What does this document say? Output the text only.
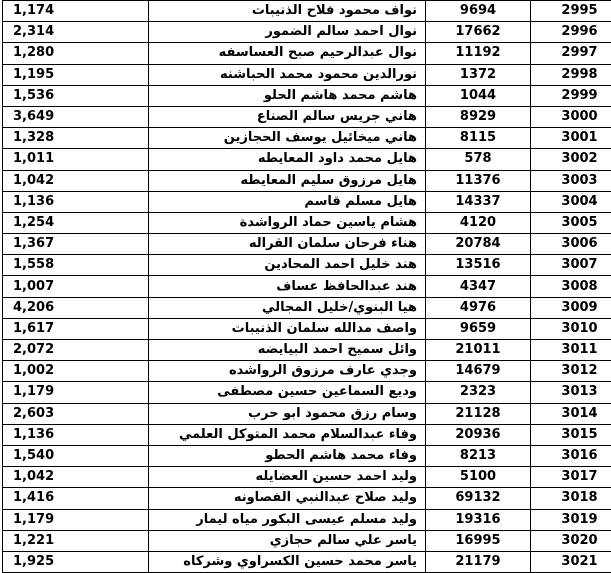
1,174	نواف محمود فلاح الذنيبات	9694	2995
2,314	نوال احمد سالم الضمور	17662	2996
1,280	نوال عبدالرحيم صبح العساسفه	11192	2997
1,195	نورالدين محمود محمد الحباشنه	1372	2998
1,536	هاشم محمد هاشم الحلو	1044	2999
3,649	هاني جريس سالم الصناع	8929	3000
1,328	هاني ميخائيل يوسف الحجازين	8115	3001
1,011	هايل محمد داود المعايطه	578	3002
1,042	هايل مرزوق سليم المعايطه	11376	3003
1,136	هايل مسلم قاسم	14337	3004
1,254	هشام ياسين حماد الرواشدة	4120	3005
1,367	هناء فرحان سلمان القراله	20784	3006
1,558	هند خليل احمد المحادين	13516	3007
1,007	هند عبدالحافظ عساف	4347	3008
4,206	هيا البنوي/خليل المجالي	4976	3009
1,617	واصف مدالله سلمان الذنيبات	9659	3010
2,072	وائل سميح احمد البيايضه	21011	3011
1,002	وجدي عارف مرزوق الرواشده	14679	3012
1,179	وديع السماعين حسين مصطفى	2323	3013
2,603	وسام رزق محمود ابو حرب	21128	3014
1,136	وفاء عبدالسلام محمد المتوكل العلمي	20936	3015
1,540	وفاء محمد هاشم الحطو	8213	3016
1,042	وليد احمد حسين العضايله	5100	3017
1,416	وليد صلاح عبدالنبي الفصاونه	69132	3018
1,179	وليد مسلم عيسى البكور مياه ليمار	19316	3019
1,221	ياسر علي سالم حجازي	16995	3020
1,925	ياسر محمد حسين الكسراوي وشركاه	21179	3021
